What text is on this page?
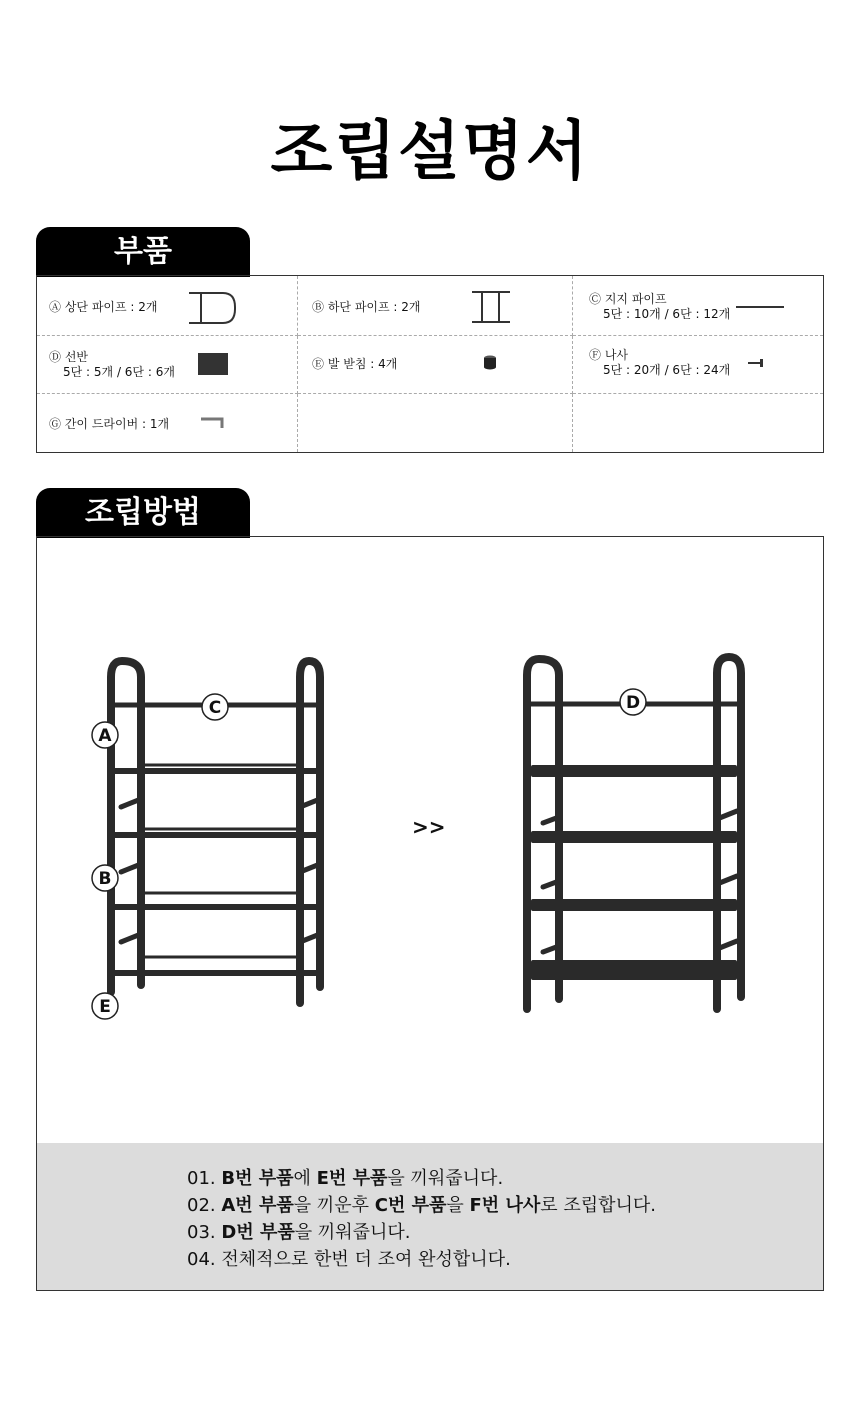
조립설명서
부품
Ⓐ 상단 파이프 : 2개	Ⓑ 하단 파이프 : 2개
Ⓒ 지지 파이프
5단 : 10개 / 6단 : 12개
Ⓓ 선반
5단 : 5개 / 6단 : 6개
Ⓔ 발 받침 : 4개
Ⓕ 나사
5단 : 20개 / 6단 : 24개
Ⓖ 간이 드라이버 : 1개
조립방법
C
A
B
E
D
>>
01. B번 부품에 E번 부품을 끼워줍니다.
02. A번 부품을 끼운후 C번 부품을 F번 나사로 조립합니다.
03. D번 부품을 끼워줍니다.
04. 전체적으로 한번 더 조여 완성합니다.
